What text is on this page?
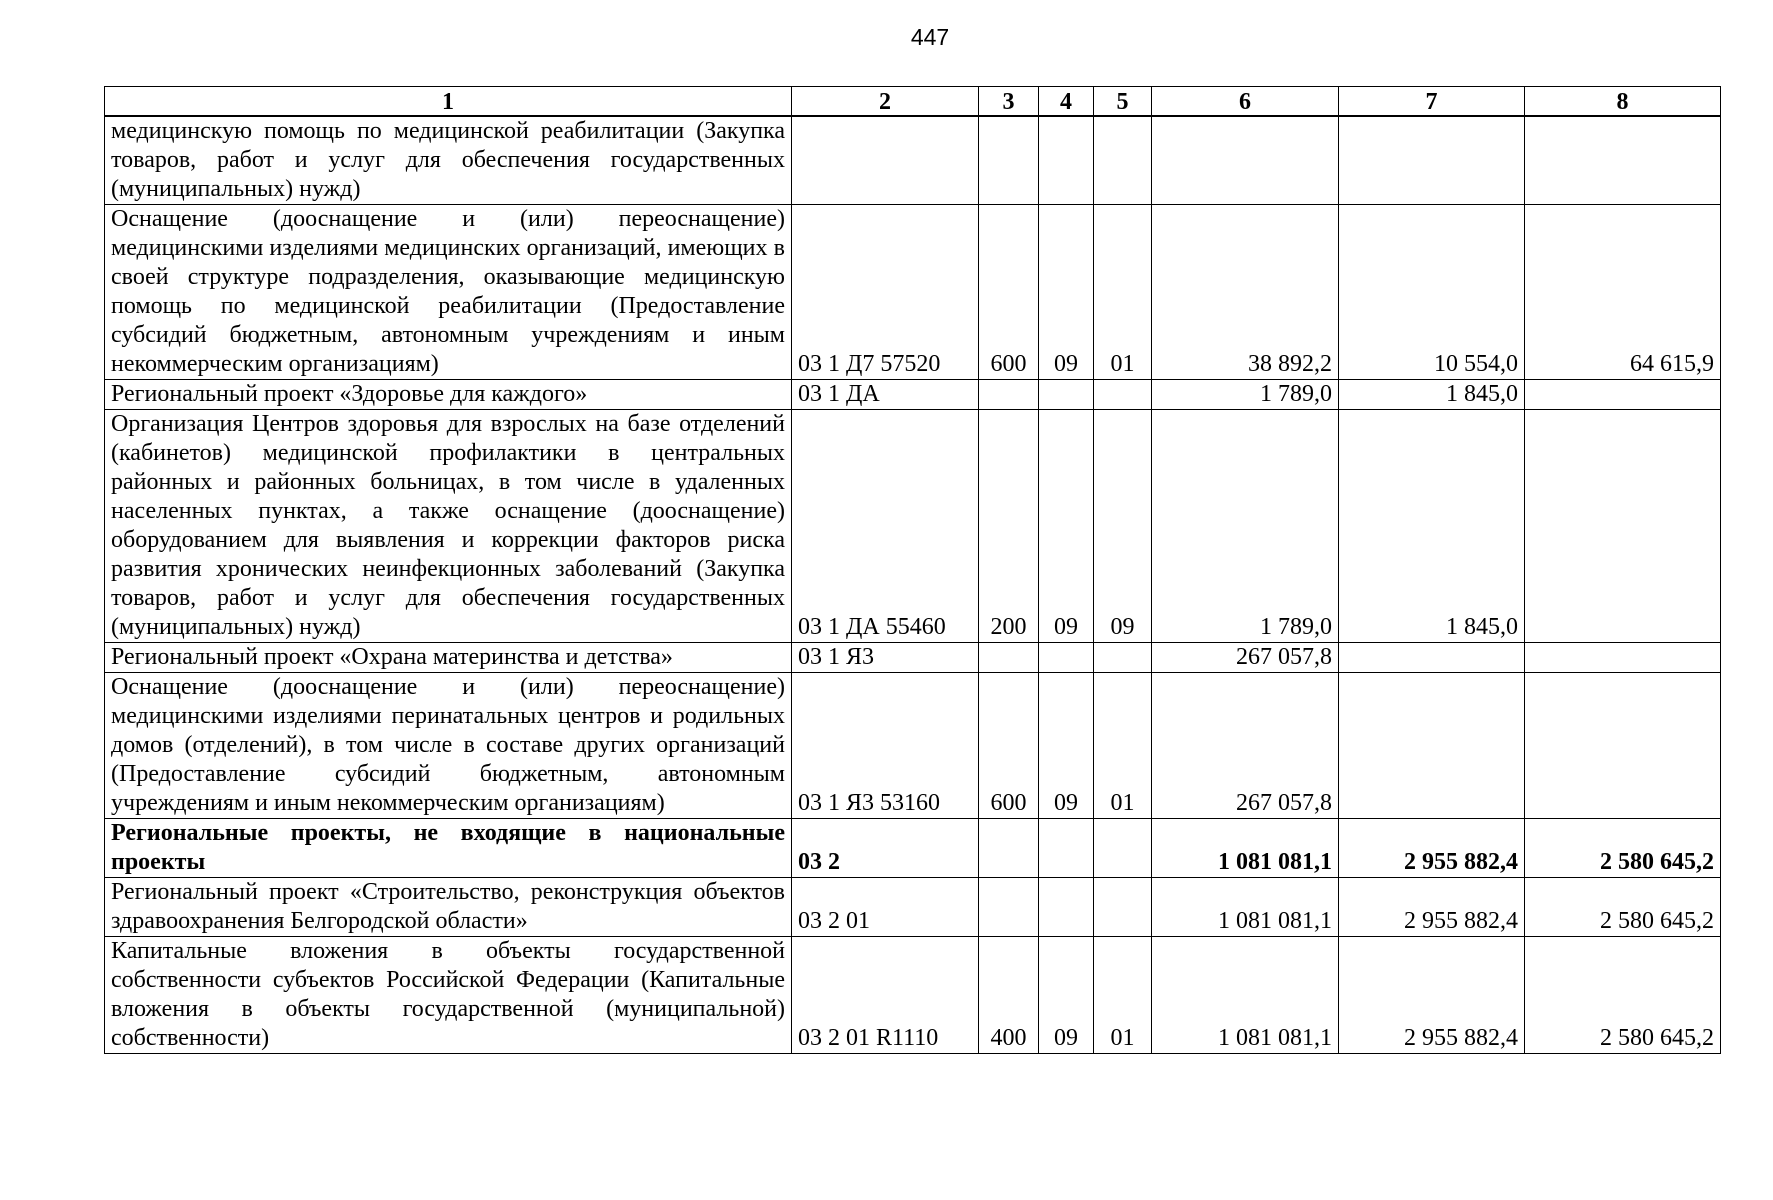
447
1	2	3	4	5	6	7	8
медицинскую помощь по медицинской реабилитации (Закупка товаров, работ и услуг для обеспечения государственных (муниципальных) нужд)							
Оснащение (дооснащение и (или) переоснащение) медицинскими изделиями медицинских организаций, имеющих в своей структуре подразделения, оказывающие медицинскую помощь по медицинской реабилитации (Предоставление субсидий бюджетным, автономным учреждениям и иным некоммерческим организациям)	03 1 Д7 57520	600	09	01	38 892,2	10 554,0	64 615,9
Региональный проект «Здоровье для каждого»	03 1 ДА				1 789,0	1 845,0	
Организация Центров здоровья для взрослых на базе отделений (кабинетов) медицинской профилактики в центральных районных и районных больницах, в том числе в удаленных населенных пунктах, а также оснащение (дооснащение) оборудованием для выявления и коррекции факторов риска развития хронических неинфекционных заболеваний (Закупка товаров, работ и услуг для обеспечения государственных (муниципальных) нужд)	03 1 ДА 55460	200	09	09	1 789,0	1 845,0	
Региональный проект «Охрана материнства и детства»	03 1 Я3				267 057,8		
Оснащение (дооснащение и (или) переоснащение) медицинскими изделиями перинатальных центров и родильных домов (отделений), в том числе в составе других организаций (Предоставление субсидий бюджетным, автономным учреждениям и иным некоммерческим организациям)	03 1 Я3 53160	600	09	01	267 057,8		
Региональные проекты, не входящие в национальные проекты	03 2				1 081 081,1	2 955 882,4	2 580 645,2
Региональный проект «Строительство, реконструкция объектов здравоохранения Белгородской области»	03 2 01				1 081 081,1	2 955 882,4	2 580 645,2
Капитальные вложения в объекты государственной собственности субъектов Российской Федерации (Капитальные вложения в объекты государственной (муниципальной) собственности)	03 2 01 R1110	400	09	01	1 081 081,1	2 955 882,4	2 580 645,2
